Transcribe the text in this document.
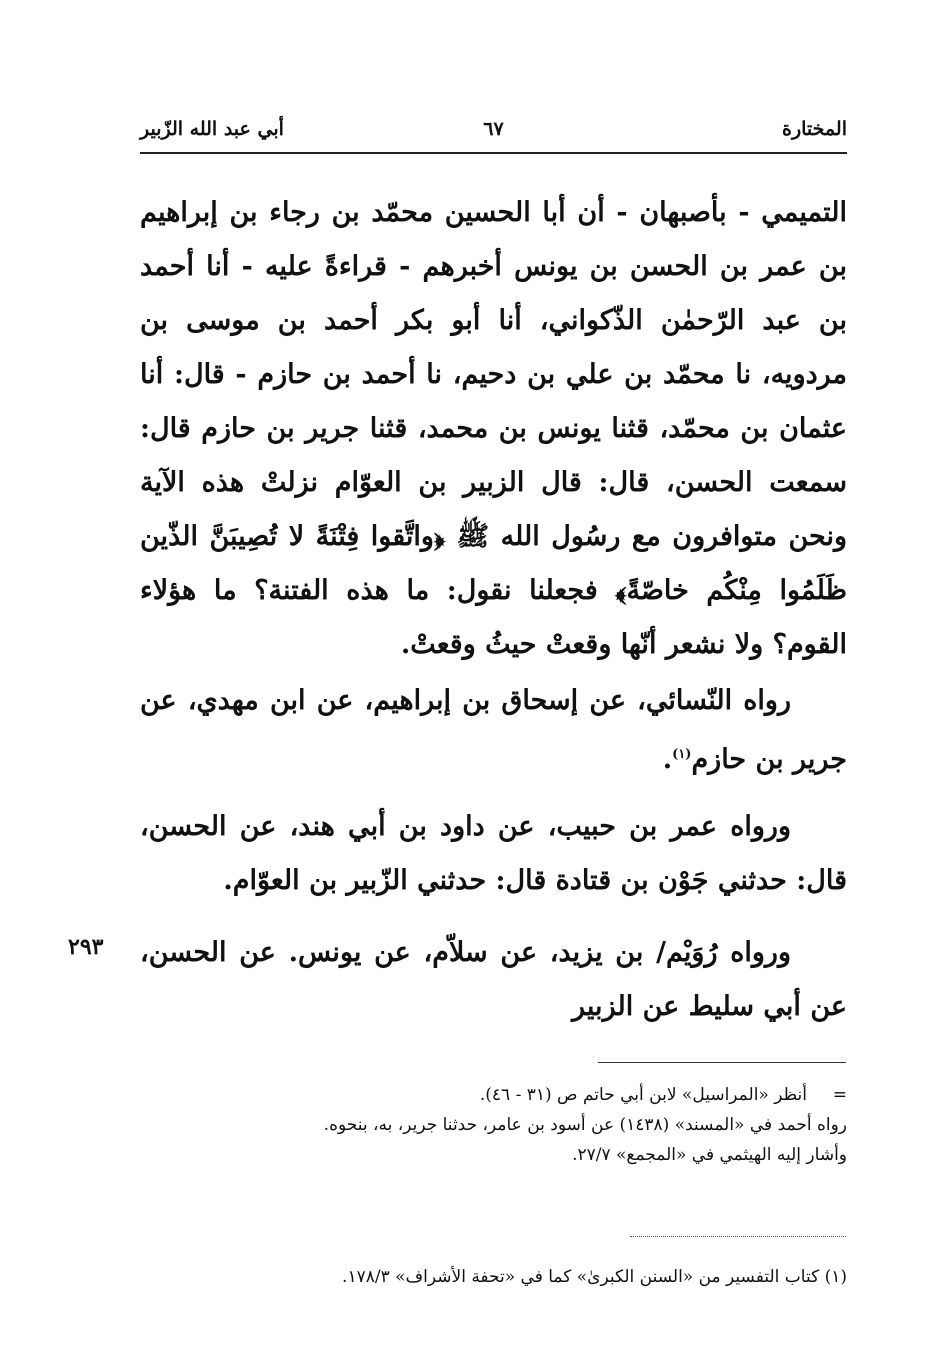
المختارة
٦٧
أبي عبد الله الزّبير
التميمي - بأصبهان - أن أبا الحسين محمّد بن رجاء بن إبراهيم بن عمر بن الحسن بن يونس أخبرهم - قراءةً عليه - أنا أحمد بن عبد الرّحمٰن الذّكواني، أنا أبو بكر أحمد بن موسى بن مردويه، نا محمّد بن علي بن دحيم، نا أحمد بن حازم - قال: أنا عثمان بن محمّد، قثنا يونس بن محمد، قثنا جرير بن حازم قال: سمعت الحسن، قال: قال الزبير بن العوّام نزلتْ هذه الآية ونحن متوافرون مع رسُول الله ﷺ ﴿واتَّقوا فِتْنَةً لا تُصِيبَنَّ الذّين ظَلَمُوا مِنْكُم خاصّةً﴾ فجعلنا نقول: ما هذه الفتنة؟ ما هؤلاء القوم؟ ولا نشعر أنّها وقعتْ حيثُ وقعتْ.
رواه النّسائي، عن إسحاق بن إبراهيم، عن ابن مهدي، عن جرير بن حازم$^{(١)}$.
ورواه عمر بن حبيب، عن داود بن أبي هند، عن الحسن، قال: حدثني جَوْن بن قتادة قال: حدثني الزّبير بن العوّام.
ورواه رُوَيْم/ بن يزيد، عن سلاّم، عن يونس. عن الحسن، عن أبي سليط عن الزبير
٢٩٣
=أنظر «المراسيل» لابن أبي حاتم ص (٣١ - ٤٦).
رواه أحمد في «المسند» (١٤٣٨) عن أسود بن عامر، حدثنا جرير، به، بنحوه.
وأشار إليه الهيثمي في «المجمع» ٢٧/٧.
(١) كتاب التفسير من «السنن الكبرىٰ» كما في «تحفة الأشراف» ١٧٨/٣.
